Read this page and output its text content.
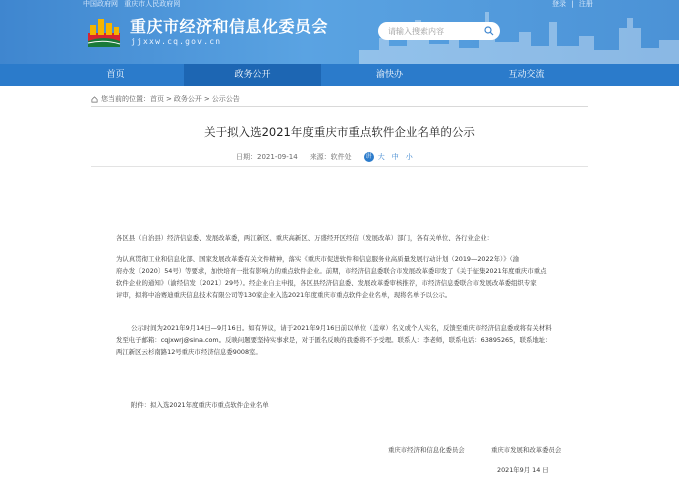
中国政府网 重庆市人民政府网	登录 | 注册
重庆市经济和信息化委员会
jjxxw.cq.gov.cn
请输入搜索内容
首页	政务公开	渝快办	互动交流
您当前的位置： 首页 > 政务公开 > 公示公告
关于拟入选2021年度重庆市重点软件企业名单的公示
日期：2021-09-14 来源：软件处	讲 大 中 小
各区县（自治县）经济信息委、发展改革委，两江新区、重庆高新区、万盛经开区经信（发展改革）部门，各有关单位、各行业企业：
为认真贯彻工业和信息化部、国家发展改革委有关文件精神，落实《重庆市促进软件和信息服务业高质量发展行动计划（2019—2022年）》（渝
府办发〔2020〕54号）等要求，加快培育一批有影响力的重点软件企业。前期，市经济信息委联合市发展改革委印发了《关于征集2021年度重庆市重点
软件企业的通知》（渝经信发〔2021〕29号）。经企业自主申报，各区县经济信息委、发展改革委审核推荐，市经济信息委联合市发展改革委组织专家
评审，拟将中冶赛迪重庆信息技术有限公司等130家企业入选2021年度重庆市重点软件企业名单，现将名单予以公示。
公示时间为2021年9月14日—9月16日。如有异议，请于2021年9月16日前以单位（盖章）名义或个人实名，反馈至重庆市经济信息委或将有关材料
发至电子邮箱：cqjxwrj@sina.com。反映问题要坚持实事求是，对于匿名反映的我委将不予受理。联系人：李老师，联系电话：63895265，联系地址：
两江新区云杉南路12号重庆市经济信息委9008室。
附件：拟入选2021年度重庆市重点软件企业名单
重庆市经济和信息化委员会	重庆市发展和改革委员会
2021年9月 14 日
